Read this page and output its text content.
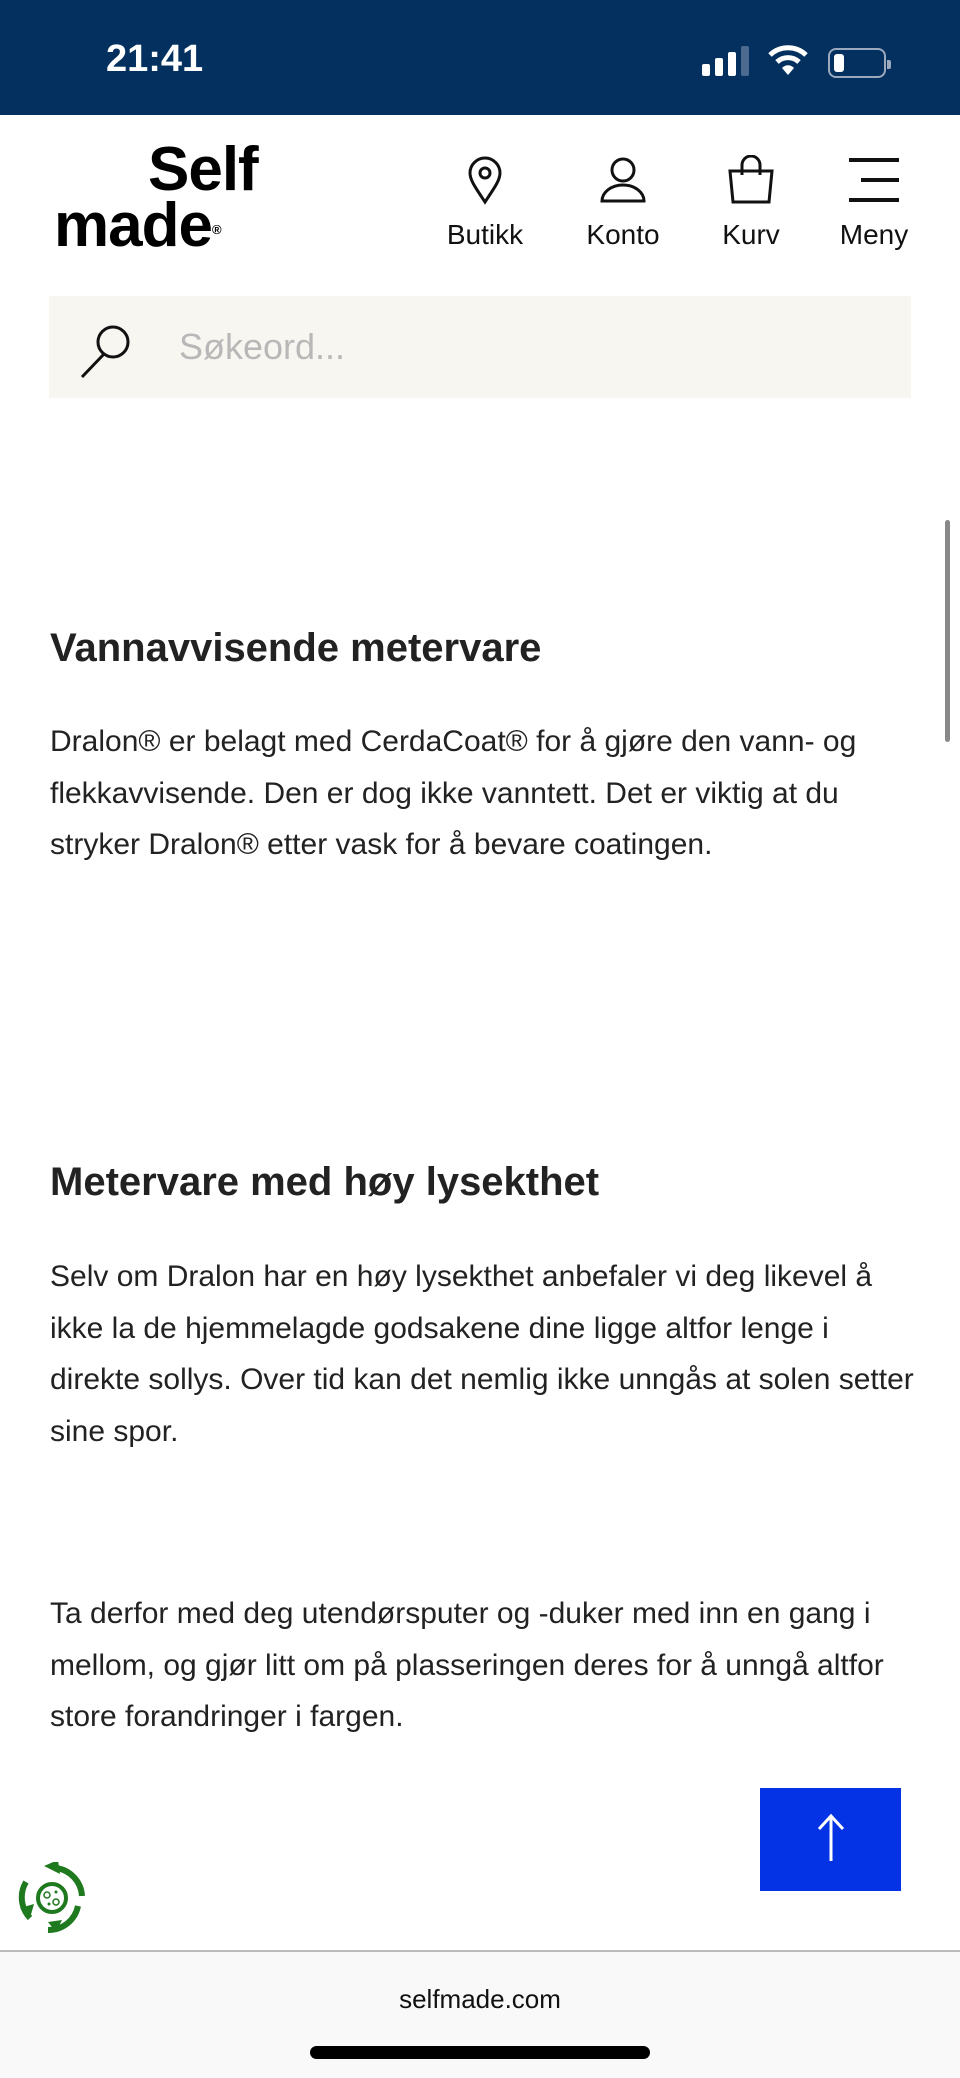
21:41
Self
made®	Butikk	Konto	Kurv	Meny
Søkeord...
Vannavvisende metervare

Dralon® er belagt med CerdaCoat® for å gjøre den vann- og flekkavvisende. Den er dog ikke vanntett. Det er viktig at du stryker Dralon® etter vask for å bevare coatingen.

Metervare med høy lysekthet

Selv om Dralon har en høy lysekthet anbefaler vi deg likevel å ikke la de hjemmelagde godsakene dine ligge altfor lenge i direkte sollys. Over tid kan det nemlig ikke unngås at solen setter sine spor.

Ta derfor med deg utendørsputer og -duker med inn en gang i mellom, og gjør litt om på plasseringen deres for å unngå altfor store forandringer i fargen.

selfmade.com
